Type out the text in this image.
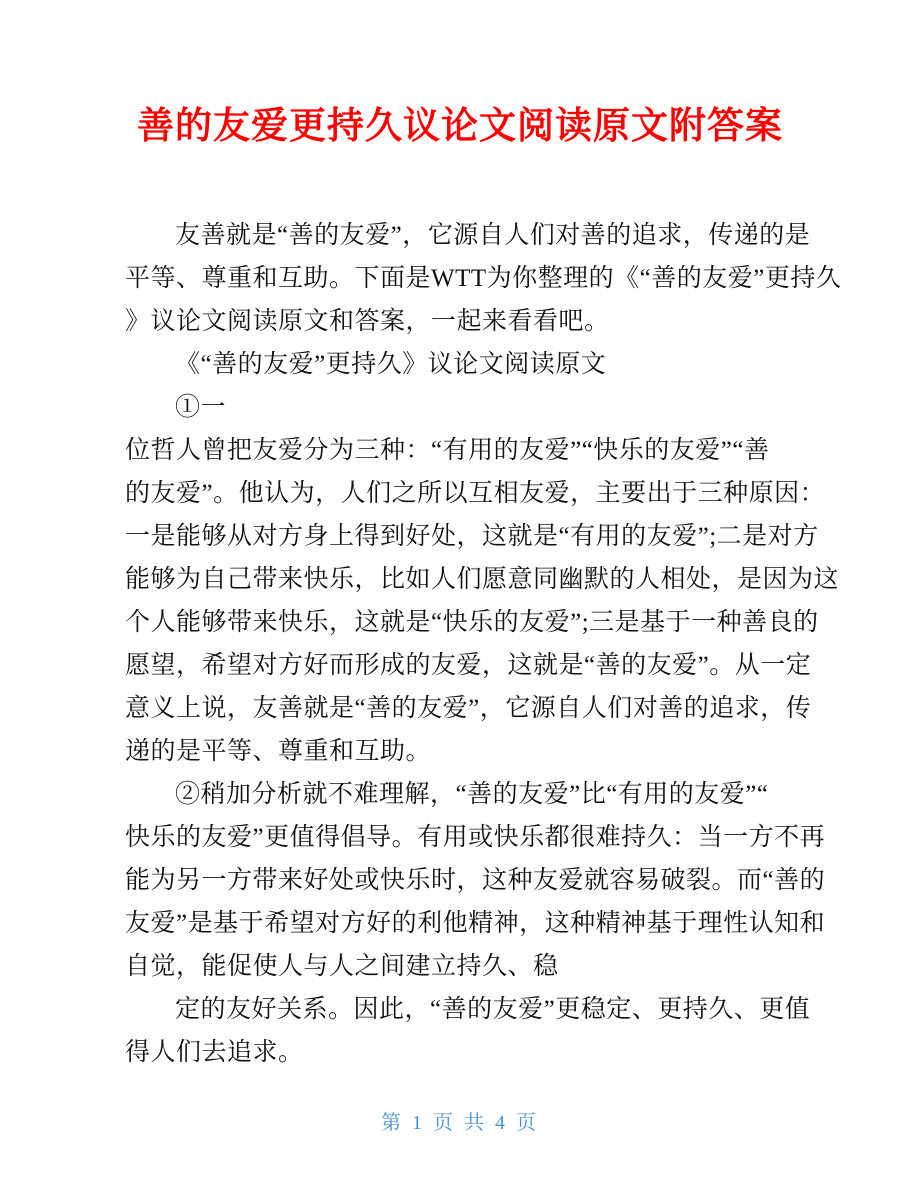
善的友爱更持久议论文阅读原文附答案
友善就是“善的友爱”，它源自人们对善的追求，传递的是
平等、尊重和互助。下面是WTT为你整理的《“善的友爱”更持久
》议论文阅读原文和答案，一起来看看吧。
《“善的友爱”更持久》议论文阅读原文
①一
位哲人曾把友爱分为三种：“有用的友爱”“快乐的友爱”“善
的友爱”。他认为，人们之所以互相友爱，主要出于三种原因：
一是能够从对方身上得到好处，这就是“有用的友爱”;二是对方
能够为自己带来快乐，比如人们愿意同幽默的人相处，是因为这
个人能够带来快乐，这就是“快乐的友爱”;三是基于一种善良的
愿望，希望对方好而形成的友爱，这就是“善的友爱”。从一定
意义上说，友善就是“善的友爱”，它源自人们对善的追求，传
递的是平等、尊重和互助。
②稍加分析就不难理解，“善的友爱”比“有用的友爱”“
快乐的友爱”更值得倡导。有用或快乐都很难持久：当一方不再
能为另一方带来好处或快乐时，这种友爱就容易破裂。而“善的
友爱”是基于希望对方好的利他精神，这种精神基于理性认知和
自觉，能促使人与人之间建立持久、稳
定的友好关系。因此，“善的友爱”更稳定、更持久、更值
得人们去追求。
第 1 页 共 4 页
